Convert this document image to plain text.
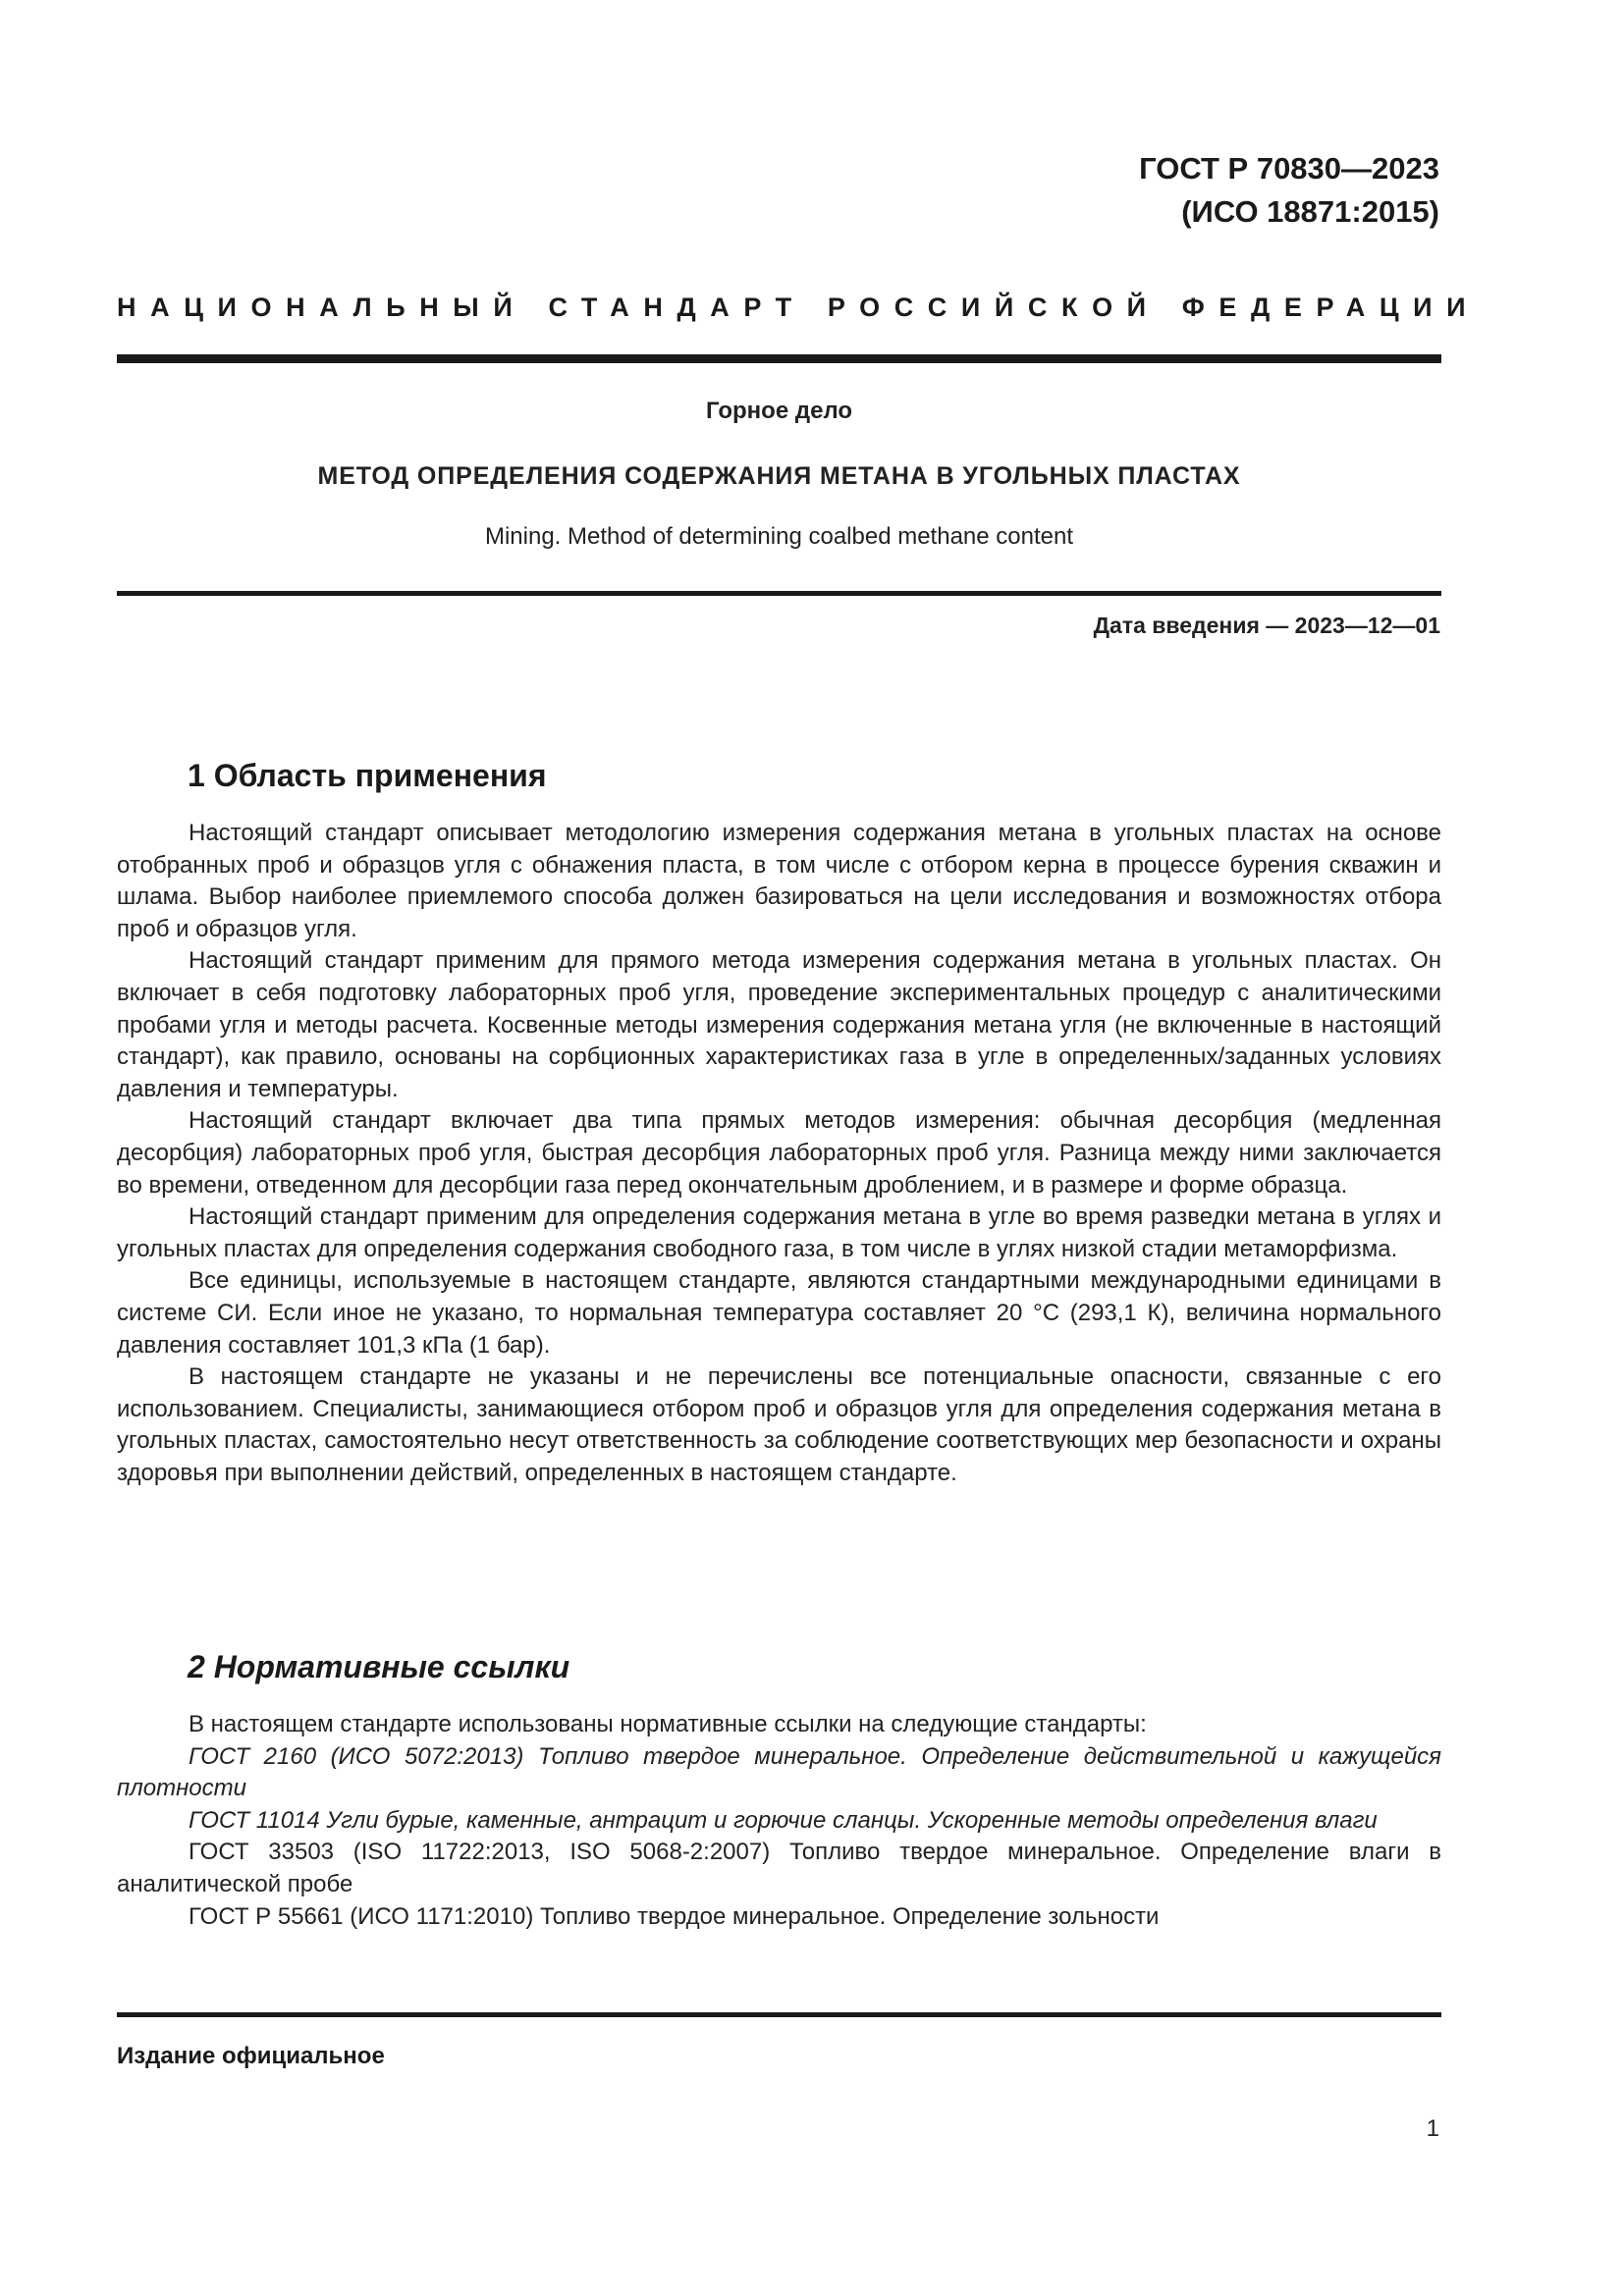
ГОСТ Р 70830—2023
(ИСО 18871:2015)
НАЦИОНАЛЬНЫЙ СТАНДАРТ РОССИЙСКОЙ ФЕДЕРАЦИИ
Горное дело
МЕТОД ОПРЕДЕЛЕНИЯ СОДЕРЖАНИЯ МЕТАНА В УГОЛЬНЫХ ПЛАСТАХ
Mining. Method of determining coalbed methane content
Дата введения — 2023—12—01
1 Область применения

Настоящий стандарт описывает методологию измерения содержания метана в угольных пластах на основе отобранных проб и образцов угля с обнажения пласта, в том числе с отбором керна в процессе бурения скважин и шлама. Выбор наиболее приемлемого способа должен базироваться на цели исследования и возможностях отбора проб и образцов угля.

Настоящий стандарт применим для прямого метода измерения содержания метана в угольных пластах. Он включает в себя подготовку лабораторных проб угля, проведение экспериментальных процедур с аналитическими пробами угля и методы расчета. Косвенные методы измерения содержания метана угля (не включенные в настоящий стандарт), как правило, основаны на сорбционных характеристиках газа в угле в определенных/заданных условиях давления и температуры.

Настоящий стандарт включает два типа прямых методов измерения: обычная десорбция (медленная десорбция) лабораторных проб угля, быстрая десорбция лабораторных проб угля. Разница между ними заключается во времени, отведенном для десорбции газа перед окончательным дроблением, и в размере и форме образца.

Настоящий стандарт применим для определения содержания метана в угле во время разведки метана в углях и угольных пластах для определения содержания свободного газа, в том числе в углях низкой стадии метаморфизма.

Все единицы, используемые в настоящем стандарте, являются стандартными международными единицами в системе СИ. Если иное не указано, то нормальная температура составляет 20 °С (293,1 К), величина нормального давления составляет 101,3 кПа (1 бар).

В настоящем стандарте не указаны и не перечислены все потенциальные опасности, связанные с его использованием. Специалисты, занимающиеся отбором проб и образцов угля для определения содержания метана в угольных пластах, самостоятельно несут ответственность за соблюдение соответствующих мер безопасности и охраны здоровья при выполнении действий, определенных в настоящем стандарте.

2 Нормативные ссылки

В настоящем стандарте использованы нормативные ссылки на следующие стандарты:

ГОСТ 2160 (ИСО 5072:2013) Топливо твердое минеральное. Определение действительной и кажущейся плотности

ГОСТ 11014 Угли бурые, каменные, антрацит и горючие сланцы. Ускоренные методы определения влаги

ГОСТ 33503 (ISO 11722:2013, ISO 5068-2:2007) Топливо твердое минеральное. Определение влаги в аналитической пробе

ГОСТ Р 55661 (ИСО 1171:2010) Топливо твердое минеральное. Определение зольности

Издание официальное
1
